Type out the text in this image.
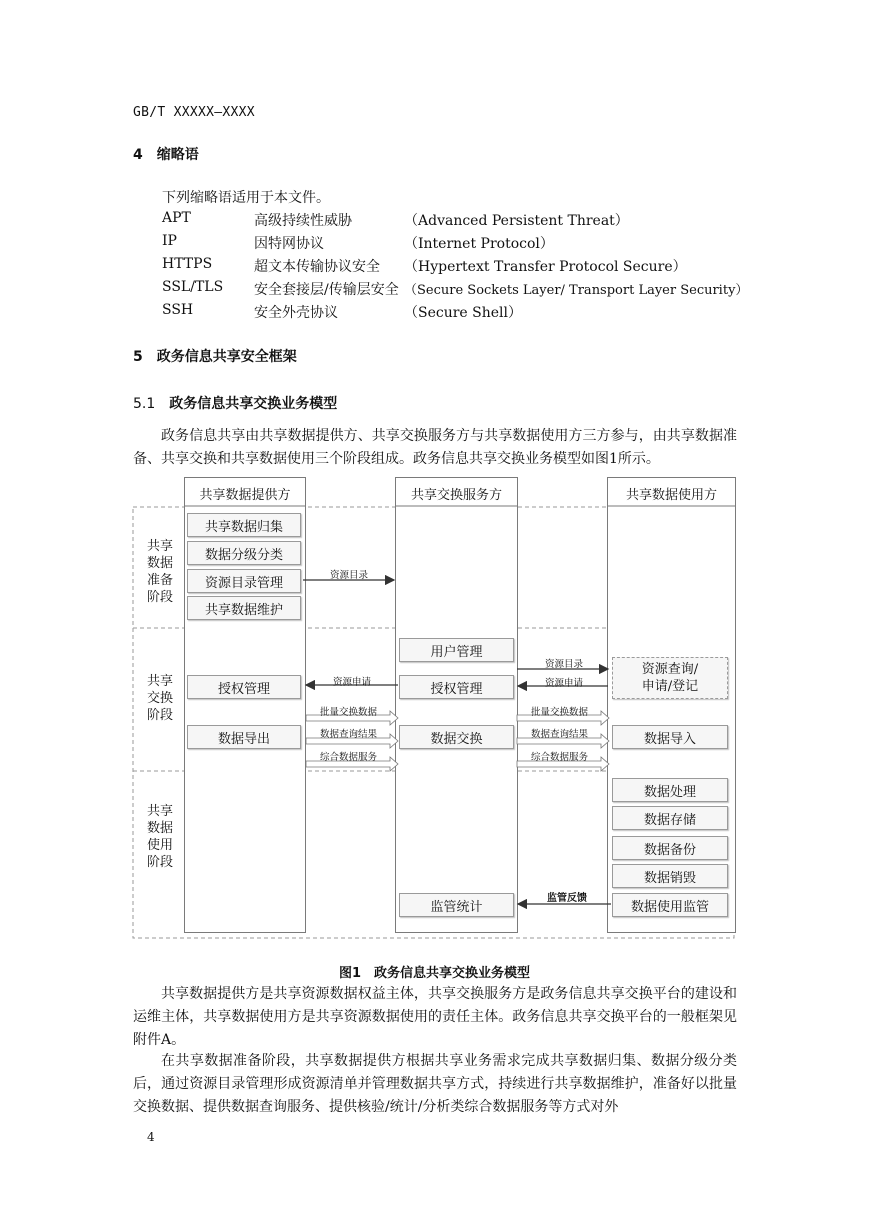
GB/T XXXXX—XXXX
4 缩略语
下列缩略语适用于本文件。
APT	高级持续性威胁	（Advanced Persistent Threat）
IP	因特网协议	（Internet Protocol）
HTTPS	超文本传输协议安全 （Hypertext Transfer Protocol Secure）
SSL/TLS 安全套接层/传输层安全 （Secure Sockets Layer/ Transport Layer Security）
SSH	安全外壳协议	（Secure Shell）
5 政务信息共享安全框架
5.1 政务信息共享交换业务模型

政务信息共享由共享数据提供方、共享交换服务方与共享数据使用方三方参与，由共享数据准备、共享交换和共享数据使用三个阶段组成。政务信息共享交换业务模型如图1所示。

共享数据提供方	共享交换服务方	共享数据使用方
共享数据准备阶段
共享交换阶段
共享数据使用阶段
共享数据归集
数据分级分类
资源目录管理
共享数据维护
授权管理
数据导出
用户管理
授权管理
数据交换
监管统计
资源查询/
申请/登记
数据导入
数据处理
数据存储
数据备份
数据销毁
数据使用监管
资源目录
资源申请
批量交换数据
数据查询结果
综合数据服务
资源目录
资源申请
批量交换数据
数据查询结果
综合数据服务
监管反馈
图1　政务信息共享交换业务模型

共享数据提供方是共享资源数据权益主体，共享交换服务方是政务信息共享交换平台的建设和运维主体，共享数据使用方是共享资源数据使用的责任主体。政务信息共享交换平台的一般框架见附件A。

在共享数据准备阶段，共享数据提供方根据共享业务需求完成共享数据归集、数据分级分类后，通过资源目录管理形成资源清单并管理数据共享方式，持续进行共享数据维护，准备好以批量交换数据、提供数据查询服务、提供核验/统计/分析类综合数据服务等方式对外

4
